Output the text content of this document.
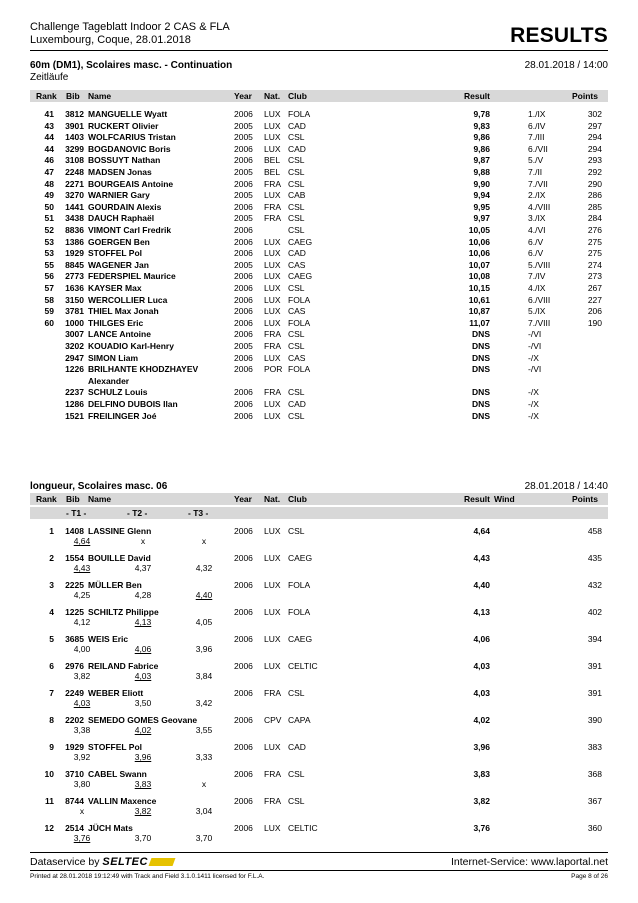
Challenge Tageblatt Indoor 2 CAS & FLA
Luxembourg, Coque, 28.01.2018	RESULTS
60m (DM1), Scolaires masc. - Continuation	28.01.2018 / 14:00
Zeitläufe
Rank Bib Name	Year Nat. Club	Result	Points
41	3812 MANGUELLE Wyatt	2006 LUX FOLA	9,78	1./IX	302
43	3901 RUCKERT Olivier	2005 LUX CAD	9,83	6./IV	297
44	1403 WOLFCARIUS Tristan	2005 LUX CSL	9,86	7./III	294
44	3299 BOGDANOVIC Boris	2006 LUX CAD	9,86	6./VII	294
46	3108 BOSSUYT Nathan	2006 BEL CSL	9,87	5./V	293
47	2248 MADSEN Jonas	2005 BEL CSL	9,88	7./II	292
48	2271 BOURGEAIS Antoine	2006 FRA CSL	9,90	7./VII	290
49	3270 WARNIER Gary	2005 LUX CAB	9,94	2./IX	286
50	1441 GOURDAIN Alexis	2006 FRA CSL	9,95	4./VIII	285
51	3438 DAUCH Raphaël	2005 FRA CSL	9,97	3./IX	284
52	8836 VIMONT Carl Fredrik	2006	CSL	10,05	4./VI	276
53	1386 GOERGEN Ben	2006 LUX CAEG	10,06	6./V	275
53	1929 STOFFEL Pol	2006 LUX CAD	10,06	6./V	275
55	8845 WAGENER Jan	2005 LUX CAS	10,07	5./VIII	274
56	2773 FEDERSPIEL Maurice	2006 LUX CAEG	10,08	7./IV	273
57	1636 KAYSER Max	2006 LUX CSL	10,15	4./IX	267
58	3150 WERCOLLIER Luca	2006 LUX FOLA	10,61	6./VIII	227
59	3781 THIEL Max Jonah	2006 LUX CAS	10,87	5./IX	206
60	1000 THILGES Eric	2006 LUX FOLA	11,07	7./VIII	190
3007 LANCE Antoine	2006 FRA CSL	DNS	-/VI
3202 KOUADIO Karl-Henry	2005 FRA CSL	DNS	-/VI
2947 SIMON Liam	2006 LUX CAS	DNS	-/X
1226 BRILHANTE KHODZHAYEV	2006 POR FOLA	DNS	-/VI
Alexander
2237 SCHULZ Louis	2006 FRA CSL	DNS	-/X
1286 DELFINO DUBOIS Ilan	2006 LUX CAD	DNS	-/X
1521 FREILINGER Joé	2006 LUX CSL	DNS	-/X
longueur, Scolaires masc. 06	28.01.2018 / 14:40
Rank Bib Name	Year Nat. Club	Result Wind	Points
- T1 -	- T2 -	- T3 -
1	1408 LASSINE Glenn	2006 LUX CSL	4,64	458
4,64	x	x
2	1554 BOUILLE David	2006 LUX CAEG	4,43	435
4,43	4,37	4,32
3	2225 MÜLLER Ben	2006 LUX FOLA	4,40	432
4,25	4,28	4,40
4	1225 SCHILTZ Philippe	2006 LUX FOLA	4,13	402
4,12	4,13	4,05
5	3685 WEIS Eric	2006 LUX CAEG	4,06	394
4,00	4,06	3,96
6	2976 REILAND Fabrice	2006 LUX CELTIC	4,03	391
3,82	4,03	3,84
7	2249 WEBER Eliott	2006 FRA CSL	4,03	391
4,03	3,50	3,42
8	2202 SEMEDO GOMES Geovane	2006 CPV CAPA	4,02	390
3,38	4,02	3,55
9	1929 STOFFEL Pol	2006 LUX CAD	3,96	383
3,92	3,96	3,33
10	3710 CABEL Swann	2006 FRA CSL	3,83	368
3,80	3,83	x
11	8744 VALLIN Maxence	2006 FRA CSL	3,82	367
x	3,82	3,04
12	2514 JÜCH Mats	2006 LUX CELTIC	3,76	360
3,76	3,70	3,70
Dataservice by SELTEC	Internet-Service: www.laportal.net
Printed at 28.01.2018 19:12:49 with Track and Field 3.1.0.1411 licensed for F.L.A.	Page 8 of 26
